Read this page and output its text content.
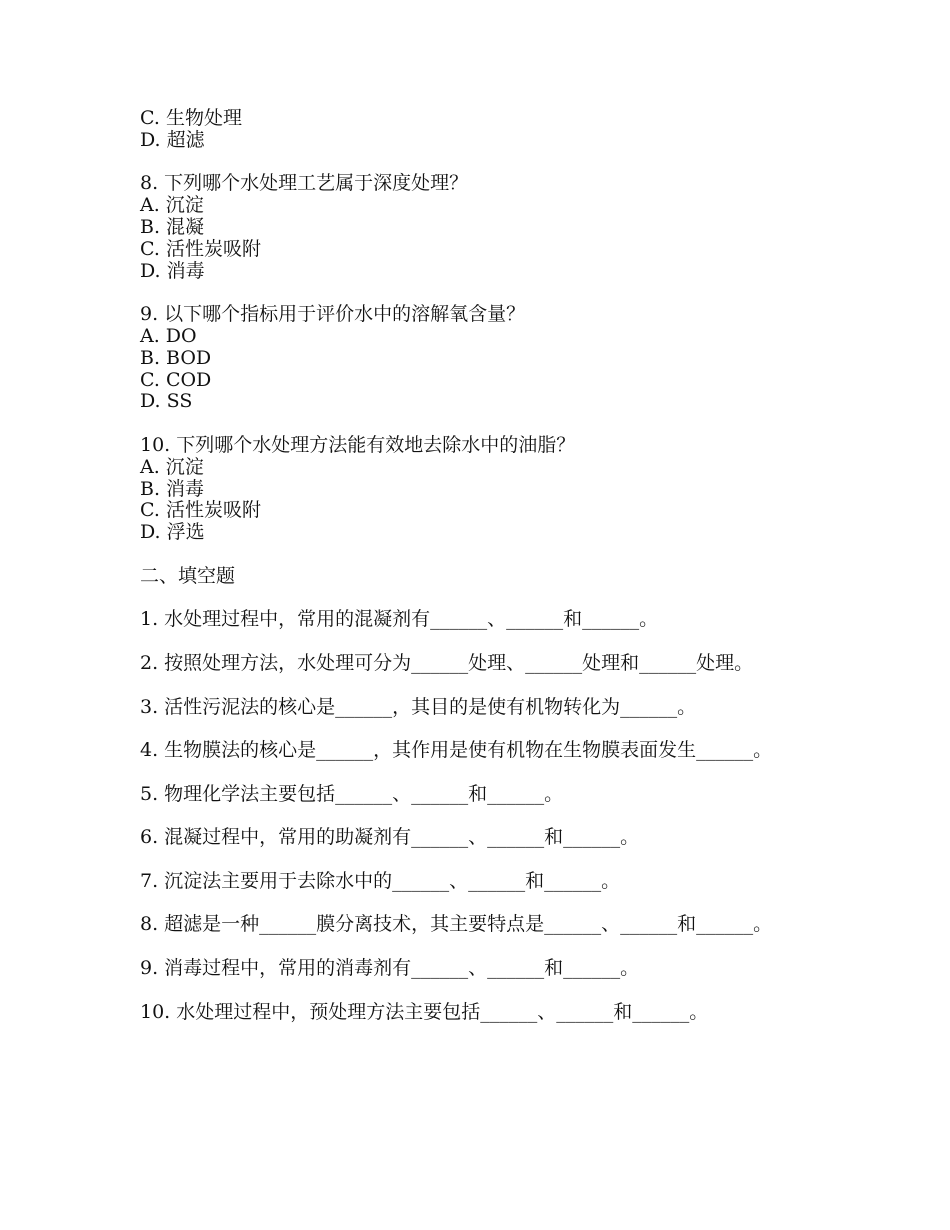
C. 生物处理
D. 超滤
8. 下列哪个水处理工艺属于深度处理？
A. 沉淀
B. 混凝
C. 活性炭吸附
D. 消毒
9. 以下哪个指标用于评价水中的溶解氧含量？
A. DO
B. BOD
C. COD
D. SS
10. 下列哪个水处理方法能有效地去除水中的油脂？
A. 沉淀
B. 消毒
C. 活性炭吸附
D. 浮选
二、填空题
1. 水处理过程中，常用的混凝剂有______、______和______。
2. 按照处理方法，水处理可分为______处理、______处理和______处理。
3. 活性污泥法的核心是______，其目的是使有机物转化为______。
4. 生物膜法的核心是______，其作用是使有机物在生物膜表面发生______。
5. 物理化学法主要包括______、______和______。
6. 混凝过程中，常用的助凝剂有______、______和______。
7. 沉淀法主要用于去除水中的______、______和______。
8. 超滤是一种______膜分离技术，其主要特点是______、______和______。
9. 消毒过程中，常用的消毒剂有______、______和______。
10. 水处理过程中，预处理方法主要包括______、______和______。
